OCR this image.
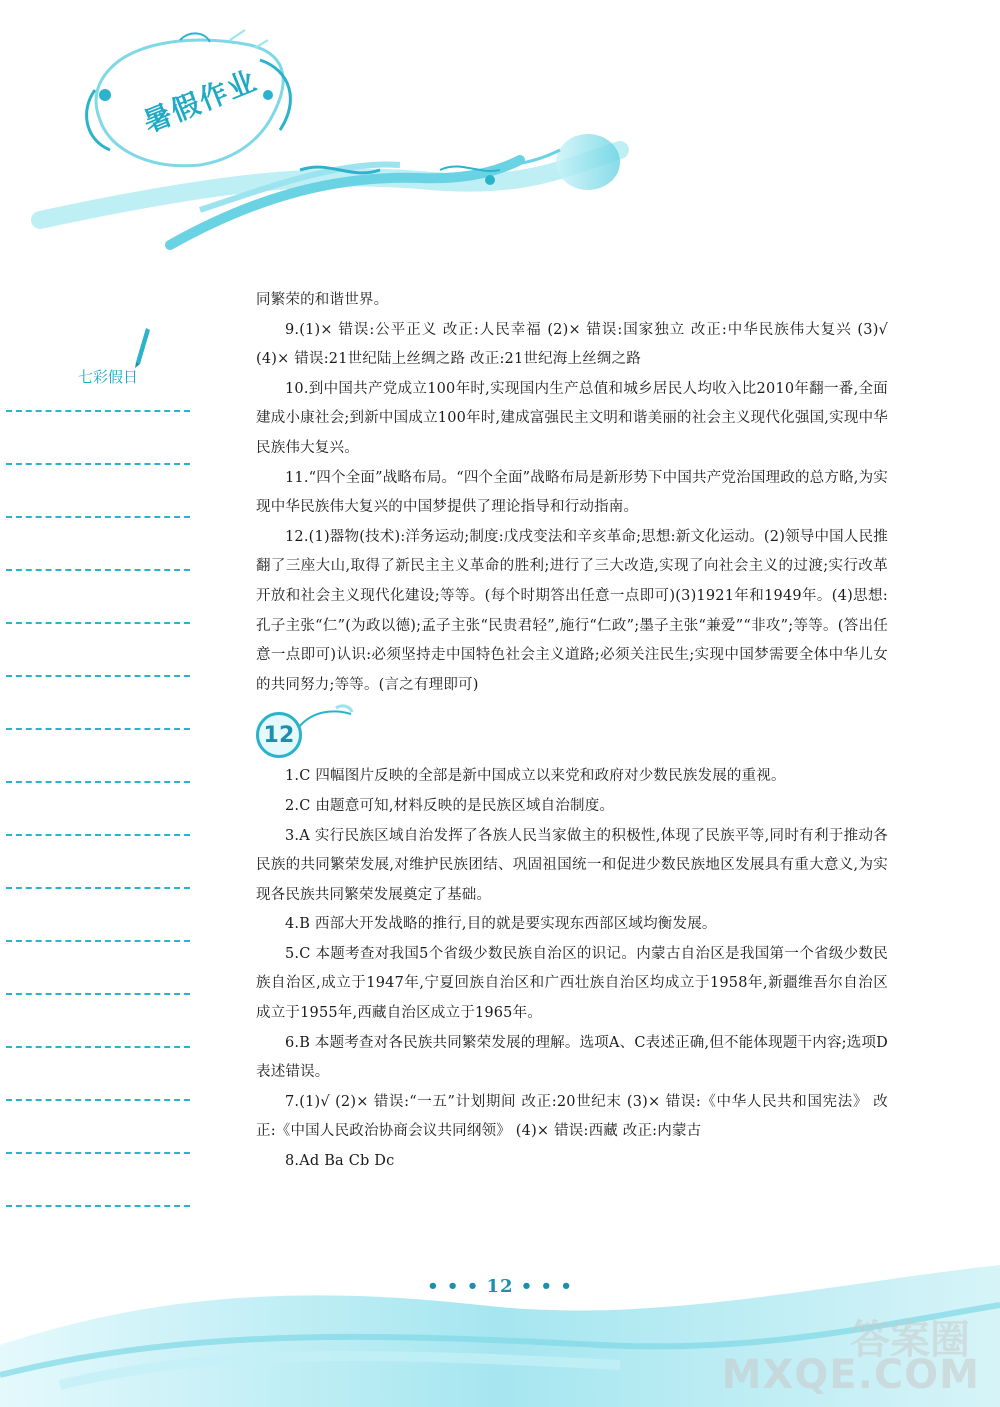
暑假作业
七彩假日

同繁荣的和谐世界。

9.(1)× 错误:公平正义 改正:人民幸福 (2)× 错误:国家独立 改正:中华民族伟大复兴 (3)√ (4)× 错误:21世纪陆上丝绸之路 改正:21世纪海上丝绸之路

10.到中国共产党成立100年时,实现国内生产总值和城乡居民人均收入比2010年翻一番,全面建成小康社会;到新中国成立100年时,建成富强民主文明和谐美丽的社会主义现代化强国,实现中华民族伟大复兴。

11.“四个全面”战略布局。“四个全面”战略布局是新形势下中国共产党治国理政的总方略,为实现中华民族伟大复兴的中国梦提供了理论指导和行动指南。

12.(1)器物(技术):洋务运动;制度:戊戌变法和辛亥革命;思想:新文化运动。(2)领导中国人民推翻了三座大山,取得了新民主主义革命的胜利;进行了三大改造,实现了向社会主义的过渡;实行改革开放和社会主义现代化建设;等等。(每个时期答出任意一点即可)(3)1921年和1949年。(4)思想:孔子主张“仁”(为政以德);孟子主张“民贵君轻”,施行“仁政”;墨子主张“兼爱”“非攻”;等等。(答出任意一点即可)认识:必须坚持走中国特色社会主义道路;必须关注民生;实现中国梦需要全体中华儿女的共同努力;等等。(言之有理即可)

12

1.C 四幅图片反映的全部是新中国成立以来党和政府对少数民族发展的重视。

2.C 由题意可知,材料反映的是民族区域自治制度。

3.A 实行民族区域自治发挥了各族人民当家做主的积极性,体现了民族平等,同时有利于推动各民族的共同繁荣发展,对维护民族团结、巩固祖国统一和促进少数民族地区发展具有重大意义,为实现各民族共同繁荣发展奠定了基础。

4.B 西部大开发战略的推行,目的就是要实现东西部区域均衡发展。

5.C 本题考查对我国5个省级少数民族自治区的识记。内蒙古自治区是我国第一个省级少数民族自治区,成立于1947年,宁夏回族自治区和广西壮族自治区均成立于1958年,新疆维吾尔自治区成立于1955年,西藏自治区成立于1965年。

6.B 本题考查对各民族共同繁荣发展的理解。选项A、C表述正确,但不能体现题干内容;选项D表述错误。

7.(1)√ (2)× 错误:“一五”计划期间 改正:20世纪末 (3)× 错误:《中华人民共和国宪法》 改正:《中国人民政治协商会议共同纲领》 (4)× 错误:西藏 改正:内蒙古

8.Ad Ba Cb Dc

• • • 12 • • •
答案圈
MXQE.COM
